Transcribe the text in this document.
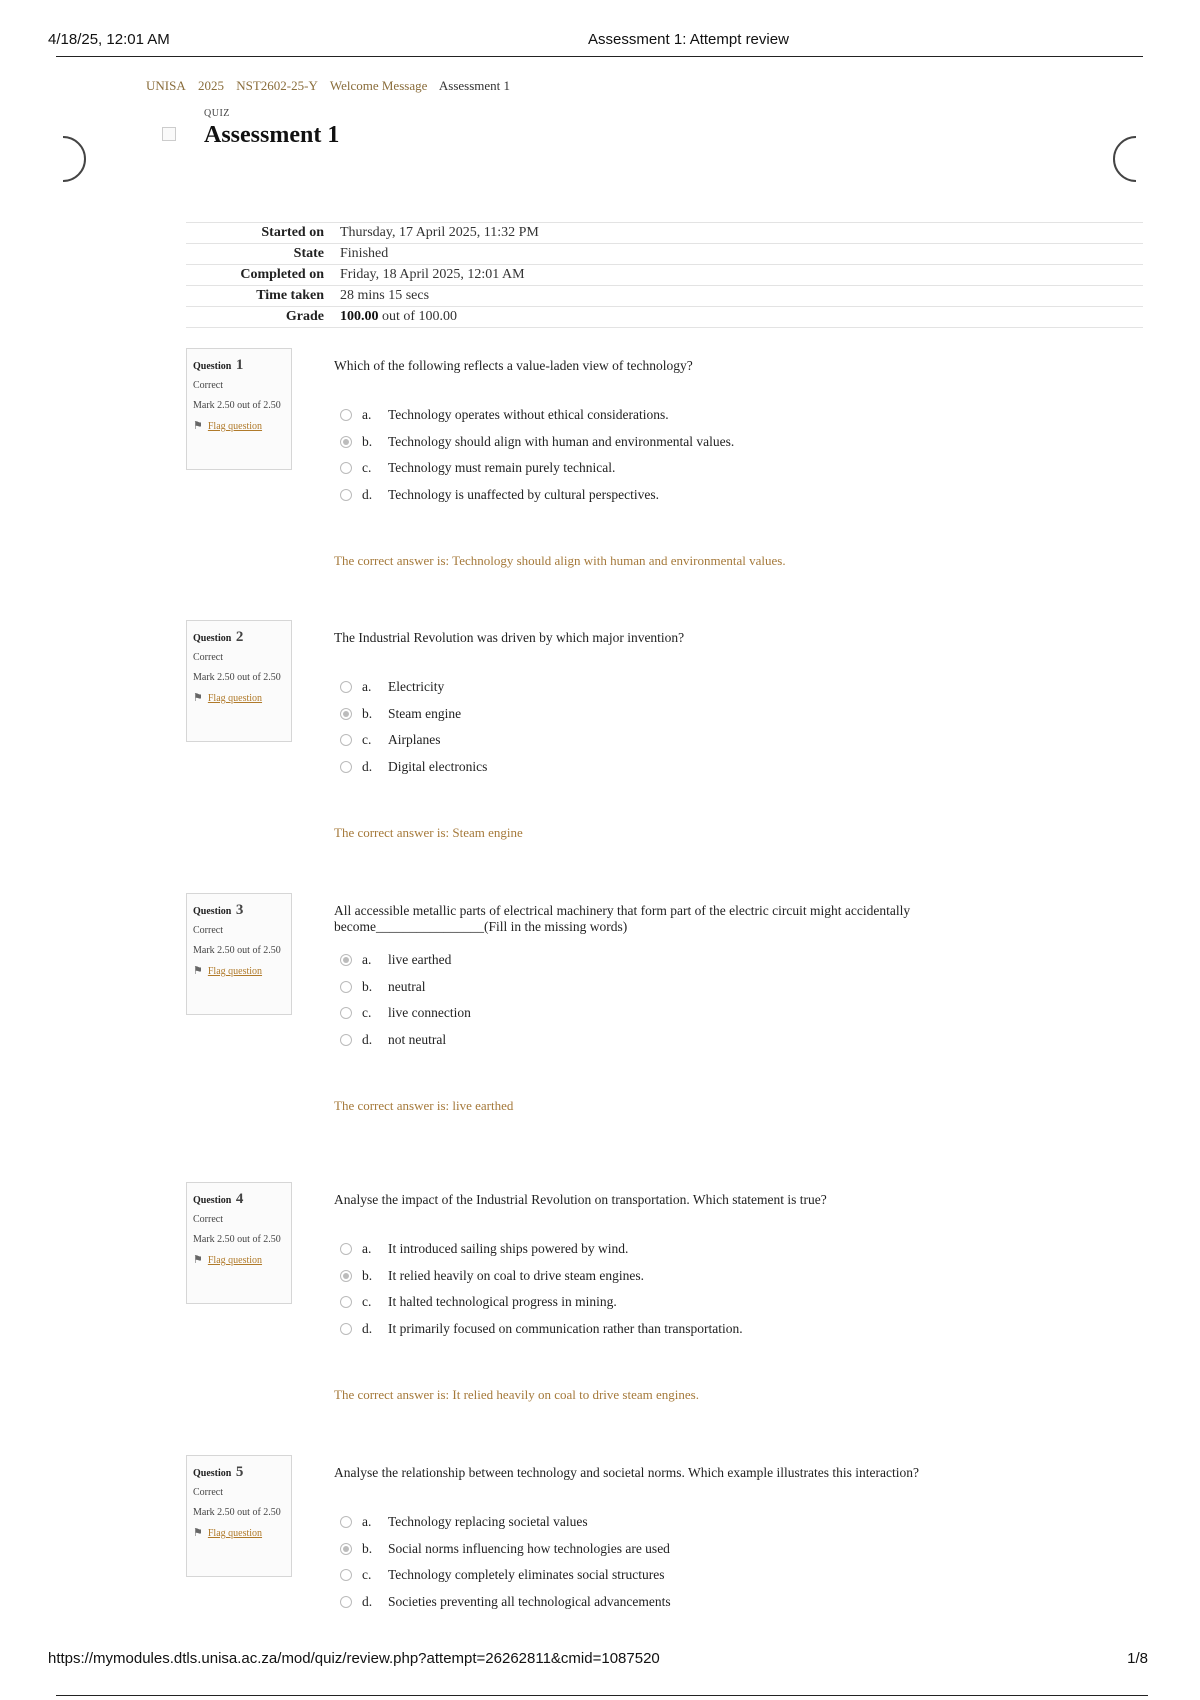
4/18/25, 12:01 AM	Assessment 1: Attempt review
UNISA 2025 NST2602-25-Y Welcome Message Assessment 1
QUIZ
Assessment 1
Started on	Thursday, 17 April 2025, 11:32 PM
State	Finished
Completed on	Friday, 18 April 2025, 12:01 AM
Time taken	28 mins 15 secs
Grade	100.00 out of 100.00
Question 1
Correct
Mark 2.50 out of 2.50
⚑ Flag question
Which of the following reflects a value-laden view of technology?
a.	Technology operates without ethical considerations.
b.	Technology should align with human and environmental values.
c.	Technology must remain purely technical.
d.	Technology is unaffected by cultural perspectives.
The correct answer is: Technology should align with human and environmental values.
Question 2
Correct
Mark 2.50 out of 2.50
⚑ Flag question
The Industrial Revolution was driven by which major invention?
a.	Electricity
b.	Steam engine
c.	Airplanes
d.	Digital electronics
The correct answer is: Steam engine
Question 3
Correct
Mark 2.50 out of 2.50
⚑ Flag question
All accessible metallic parts of electrical machinery that form part of the electric circuit might accidentally become________________(Fill in the missing words)
a.	live earthed
b.	neutral
c.	live connection
d.	not neutral
The correct answer is: live earthed
Question 4
Correct
Mark 2.50 out of 2.50
⚑ Flag question
Analyse the impact of the Industrial Revolution on transportation. Which statement is true?
a.	It introduced sailing ships powered by wind.
b.	It relied heavily on coal to drive steam engines.
c.	It halted technological progress in mining.
d.	It primarily focused on communication rather than transportation.
The correct answer is: It relied heavily on coal to drive steam engines.
Question 5
Correct
Mark 2.50 out of 2.50
⚑ Flag question
Analyse the relationship between technology and societal norms. Which example illustrates this interaction?
a.	Technology replacing societal values
b.	Social norms influencing how technologies are used
c.	Technology completely eliminates social structures
d.	Societies preventing all technological advancements
https://mymodules.dtls.unisa.ac.za/mod/quiz/review.php?attempt=26262811&cmid=1087520	1/8
